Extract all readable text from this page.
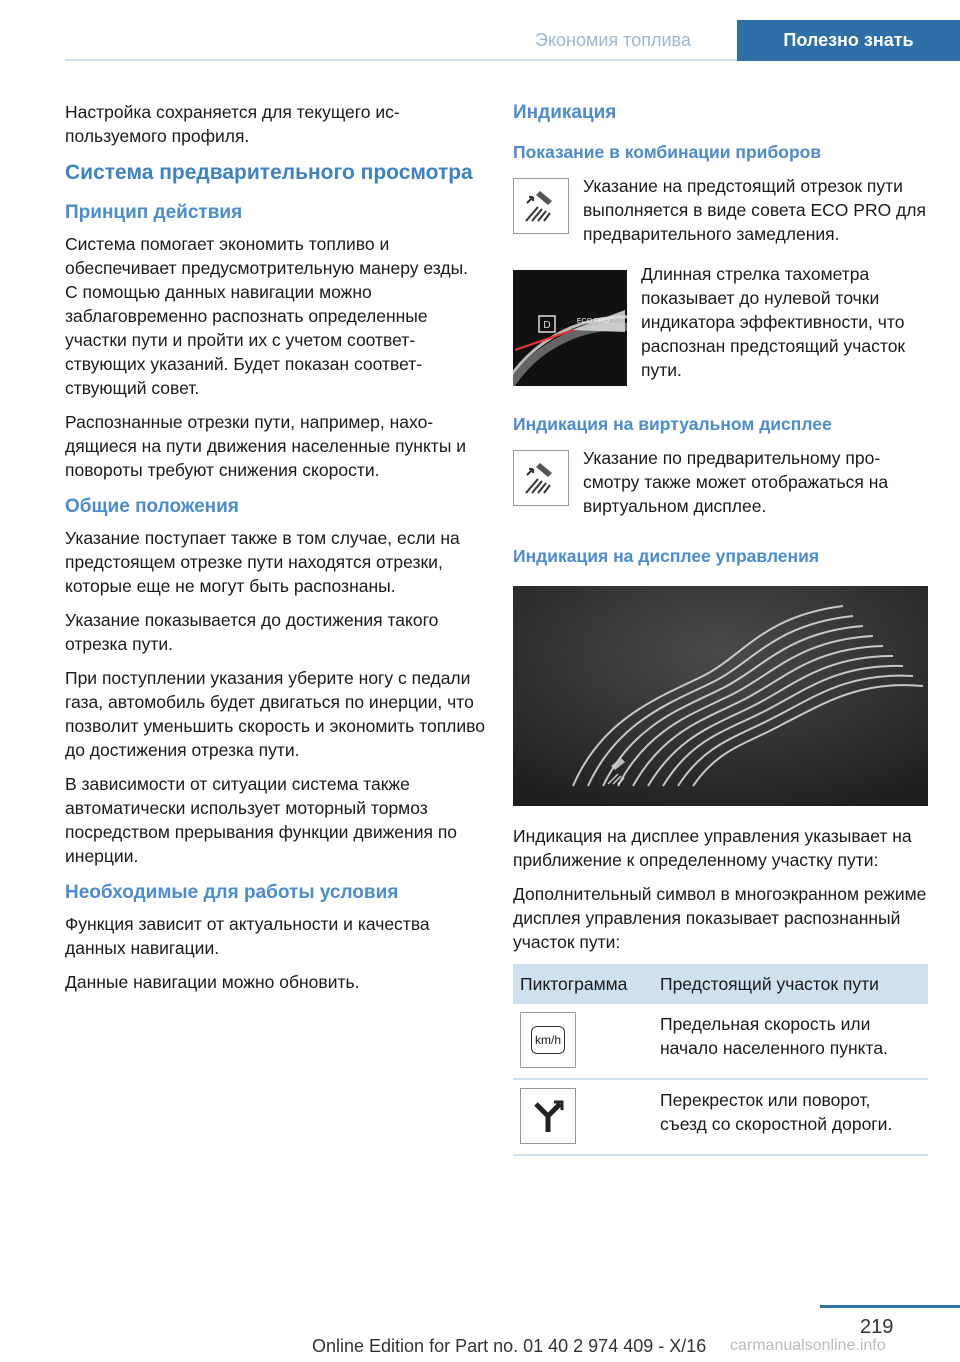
Экономия топлива	Полезно знать

Настройка сохраняется для текущего используемого профиля.

Система предварительного просмотра
Принцип действия

Система помогает экономить топливо и обеспечивает предусмотрительную манеру езды. С помощью данных навигации можно заблаговременно распознать определенные участки пути и пройти их с учетом соответствующих указаний. Будет показан соответствующий совет.

Распознанные отрезки пути, например, находящиеся на пути движения населенные пункты и повороты требуют снижения скорости.

Общие положения

Указание поступает также в том случае, если на предстоящем отрезке пути находятся отрезки, которые еще не могут быть распознаны.

Указание показывается до достижения такого отрезка пути.

При поступлении указания уберите ногу с педали газа, автомобиль будет двигаться по инерции, что позволит уменьшить скорость и экономить топливо до достижения отрезка пути.

В зависимости от ситуации система также автоматически использует моторный тормоз посредством прерывания функции движения по инерции.

Необходимые для работы условия

Функция зависит от актуальности и качества данных навигации.

Данные навигации можно обновить.

Индикация
Показание в комбинации приборов

Указание на предстоящий отрезок пути выполняется в виде совета ECO PRO для предварительного замедления.

D	ECO PRO

Длинная стрелка тахометра показывает до нулевой точки индикатора эффективности, что распознан предстоящий участок пути.

Индикация на виртуальном дисплее

Указание по предварительному просмотру также может отображаться на виртуальном дисплее.

Индикация на дисплее управления

Индикация на дисплее управления указывает на приближение к определенному участку пути:

Дополнительный символ в многоэкранном режиме дисплея управления показывает распознанный участок пути:

Пиктограмма	Предстоящий участок пути

km/h	Предельная скорость или начало населенного пункта.

	Перекресток или поворот, съезд со скоростной дороги.
219
Online Edition for Part no. 01 40 2 974 409 - X/16 carmanualsonline.info
